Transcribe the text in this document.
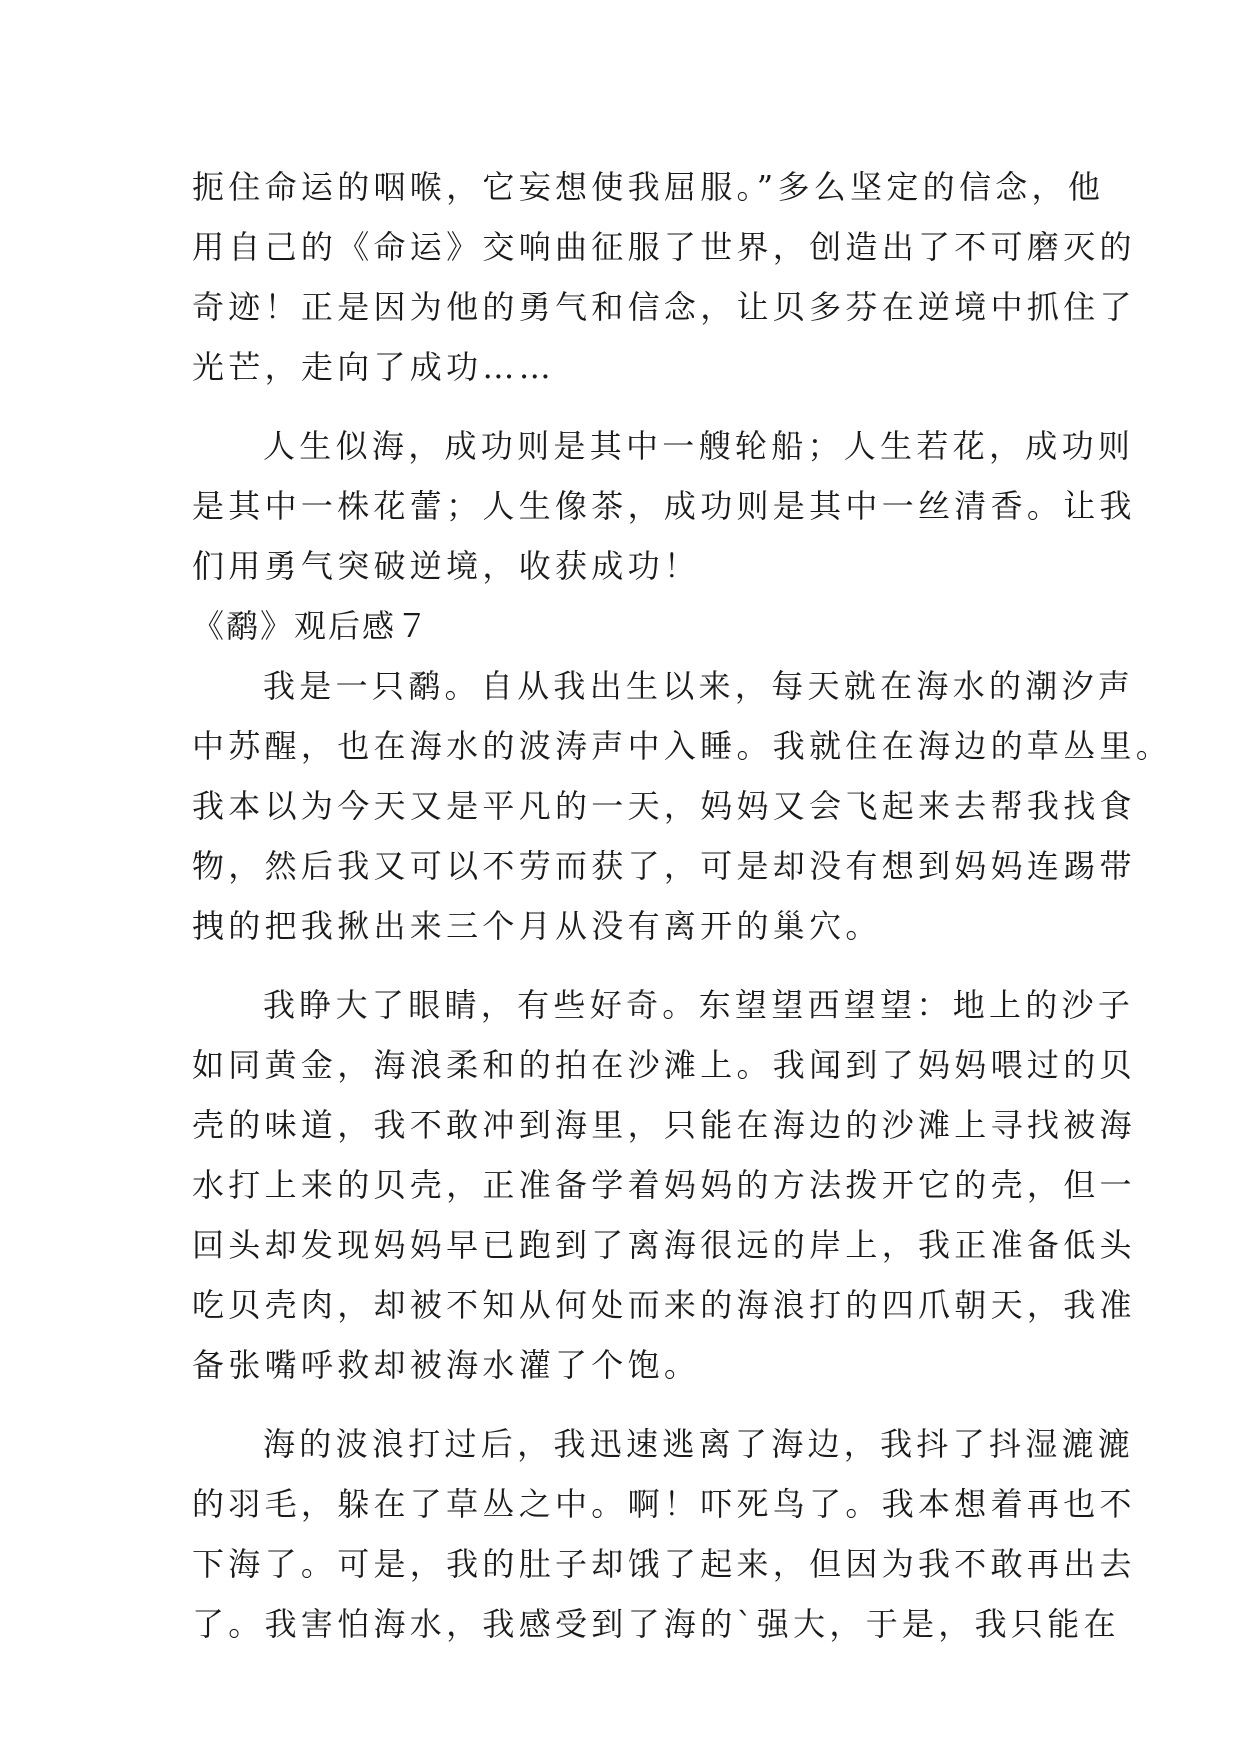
扼住命运的咽喉，它妄想使我屈服。”多么坚定的信念，他
用自己的《命运》交响曲征服了世界，创造出了不可磨灭的
奇迹！正是因为他的勇气和信念，让贝多芬在逆境中抓住了
光芒，走向了成功……
人生似海，成功则是其中一艘轮船；人生若花，成功则
是其中一株花蕾；人生像茶，成功则是其中一丝清香。让我
们用勇气突破逆境，收获成功！
《鹬》观后感７
我是一只鹬。自从我出生以来，每天就在海水的潮汐声
中苏醒，也在海水的波涛声中入睡。我就住在海边的草丛里。
我本以为今天又是平凡的一天，妈妈又会飞起来去帮我找食
物，然后我又可以不劳而获了，可是却没有想到妈妈连踢带
拽的把我揪出来三个月从没有离开的巢穴。
我睁大了眼睛，有些好奇。东望望西望望：地上的沙子
如同黄金，海浪柔和的拍在沙滩上。我闻到了妈妈喂过的贝
壳的味道，我不敢冲到海里，只能在海边的沙滩上寻找被海
水打上来的贝壳，正准备学着妈妈的方法拨开它的壳，但一
回头却发现妈妈早已跑到了离海很远的岸上，我正准备低头
吃贝壳肉，却被不知从何处而来的海浪打的四爪朝天，我准
备张嘴呼救却被海水灌了个饱。
海的波浪打过后，我迅速逃离了海边，我抖了抖湿漉漉
的羽毛，躲在了草丛之中。啊！吓死鸟了。我本想着再也不
下海了。可是，我的肚子却饿了起来，但因为我不敢再出去
了。我害怕海水，我感受到了海的`强大，于是，我只能在
